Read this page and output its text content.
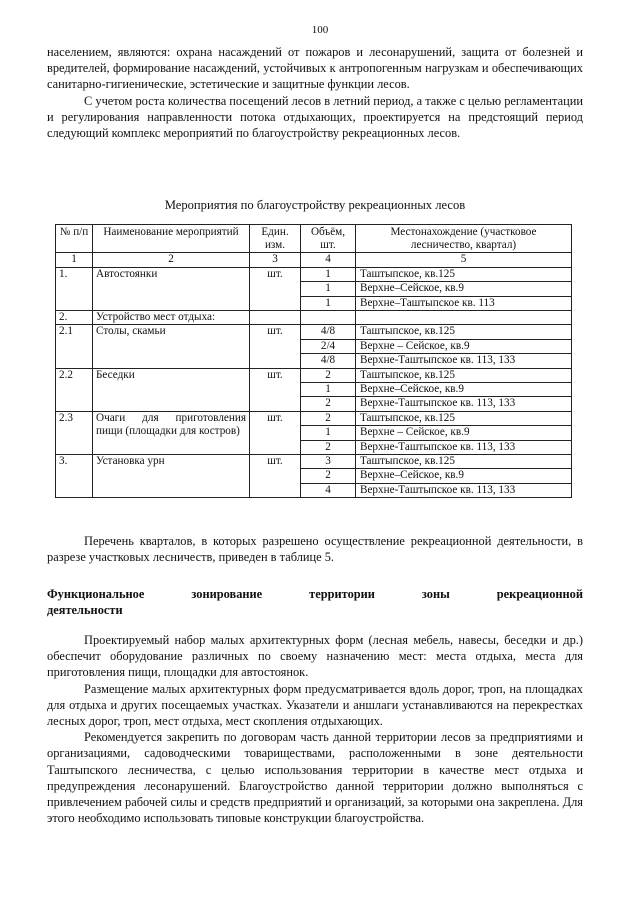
100

населением, являются: охрана насаждений от пожаров и лесонарушений, защита от болезней и вредителей, формирование насаждений, устойчивых к антропогенным нагрузкам и обеспечивающих санитарно-гигиенические, эстетические и защитные функции лесов.

С учетом роста количества посещений лесов в летний период, а также с целью регламентации и регулирования направленности потока отдыхающих, проектируется на предстоящий период следующий комплекс мероприятий по благоустройству рекреационных лесов.

Мероприятия по благоустройству рекреационных лесов

№ п/п	Наименование мероприятий	Един. изм.	Объём, шт.	Местонахождение (участковое лесничество, квартал)
1	2	3	4	5
1.	Автостоянки	шт.	1	Таштыпское, кв.125
			1	Верхне–Сейское, кв.9
			1	Верхне–Таштыпское кв. 113
2.	Устройство мест отдыха:			
2.1	Столы, скамьи	шт.	4/8	Таштыпское, кв.125
			2/4	Верхне – Сейское, кв.9
			4/8	Верхне-Таштыпское кв. 113, 133
2.2	Беседки	шт.	2	Таштыпское, кв.125
			1	Верхне–Сейское, кв.9
			2	Верхне-Таштыпское кв. 113, 133
2.3	Очаги для приготовления пищи (площадки для костров)	шт.	2	Таштыпское, кв.125
			1	Верхне – Сейское, кв.9
			2	Верхне-Таштыпское кв. 113, 133
3.	Установка урн	шт.	3	Таштыпское, кв.125
			2	Верхне–Сейское, кв.9
			4	Верхне-Таштыпское кв. 113, 133

Перечень кварталов, в которых разрешено осуществление рекреационной деятельности, в разрезе участковых лесничеств, приведен в таблице 5.

Функциональное зонирование территории зоны рекреационной

деятельности

Проектируемый набор малых архитектурных форм (лесная мебель, навесы, беседки и др.) обеспечит оборудование различных по своему назначению мест: места отдыха, места для приготовления пищи, площадки для автостоянок.

Размещение малых архитектурных форм предусматривается вдоль дорог, троп, на площадках для отдыха и других посещаемых участках. Указатели и аншлаги устанавливаются на перекрестках лесных дорог, троп, мест отдыха, мест скопления отдыхающих.

Рекомендуется закрепить по договорам часть данной территории лесов за предприятиями и организациями, садоводческими товариществами, расположенными в зоне деятельности Таштыпского лесничества, с целью использования территории в качестве мест отдыха и предупреждения лесонарушений. Благоустройство данной территории должно выполняться с привлечением рабочей силы и средств предприятий и организаций, за которыми она закреплена. Для этого необходимо использовать типовые конструкции благоустройства.
